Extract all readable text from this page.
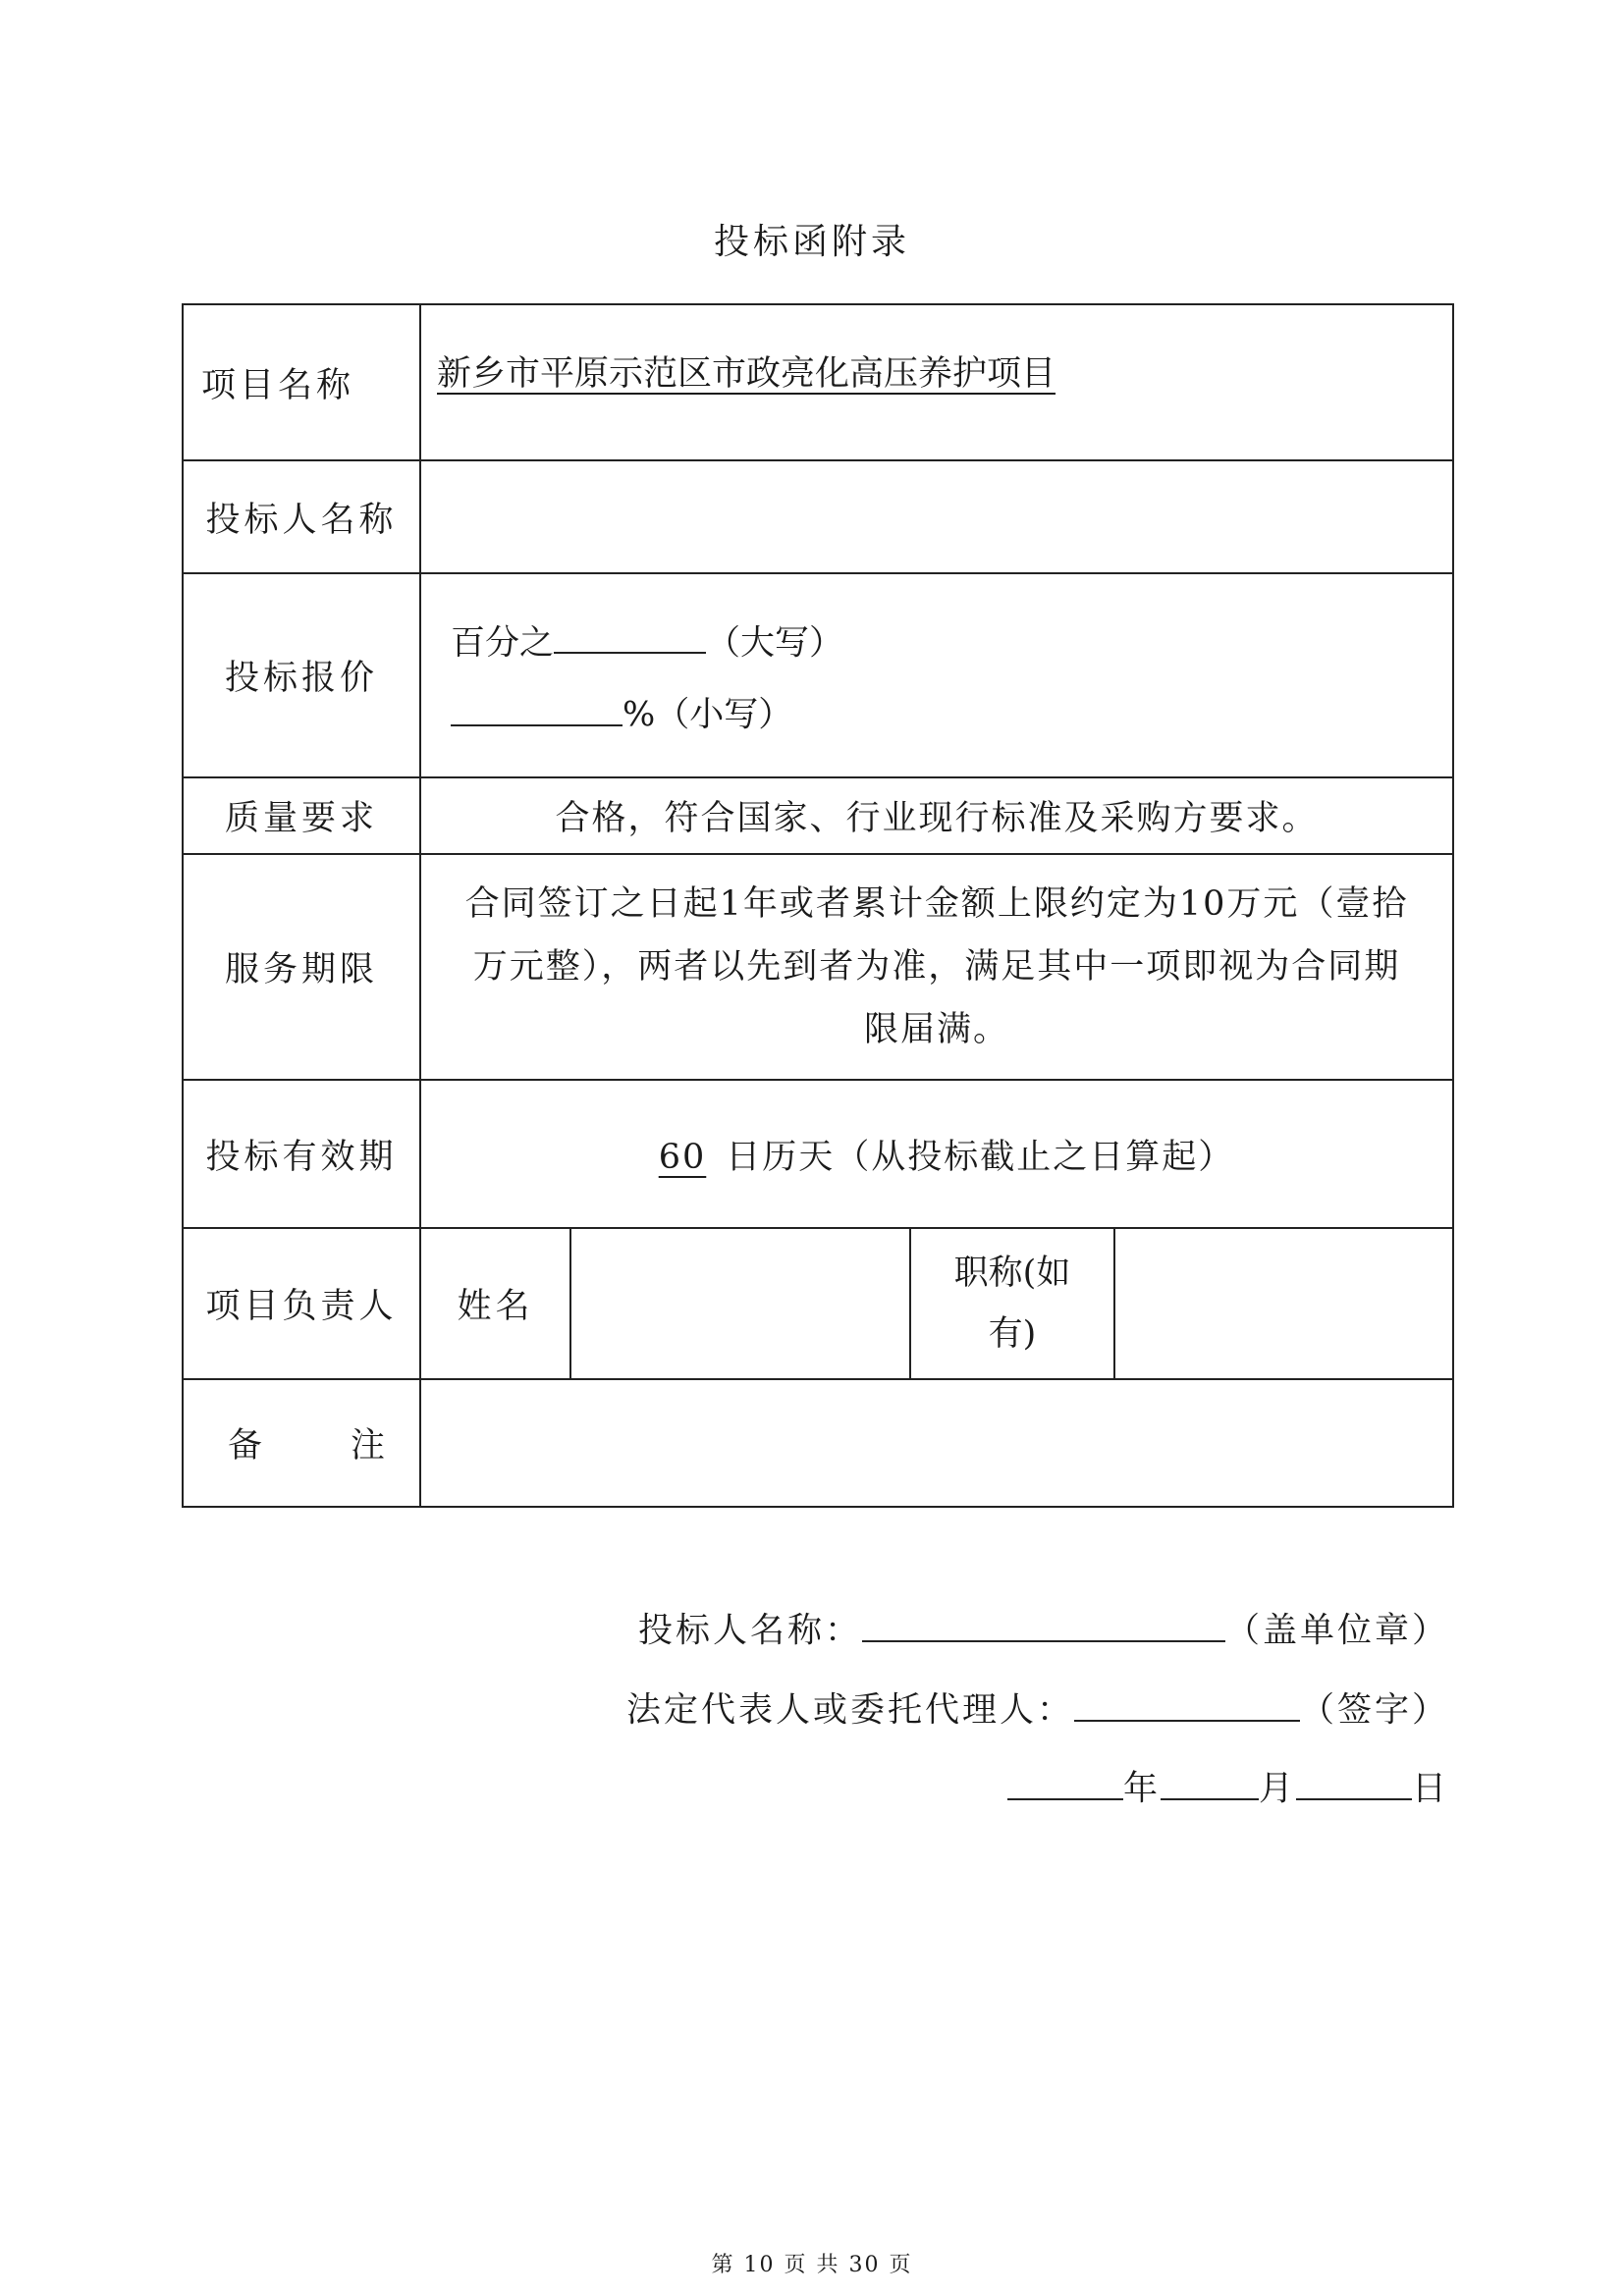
投标函附录
项目名称	新乡市平原示范区市政亮化高压养护项目			
投标人名称				
投标报价	百分之 （大写）
%（小写）			

质量要求	合格，符合国家、行业现行标准及采购方要求。			
服务期限	合同签订之日起1年或者累计金额上限约定为10万元（壹拾
万元整），两者以先到者为准，满足其中一项即视为合同期
限届满。			

投标有效期	60 日历天（从投标截止之日算起）			
项目负责人	姓名		职称(如
有)	

备 注				
投标人名称：	（盖单位章）
法定代表人或委托代理人：	（签字）
年	月	日
第 10 页 共 30 页
